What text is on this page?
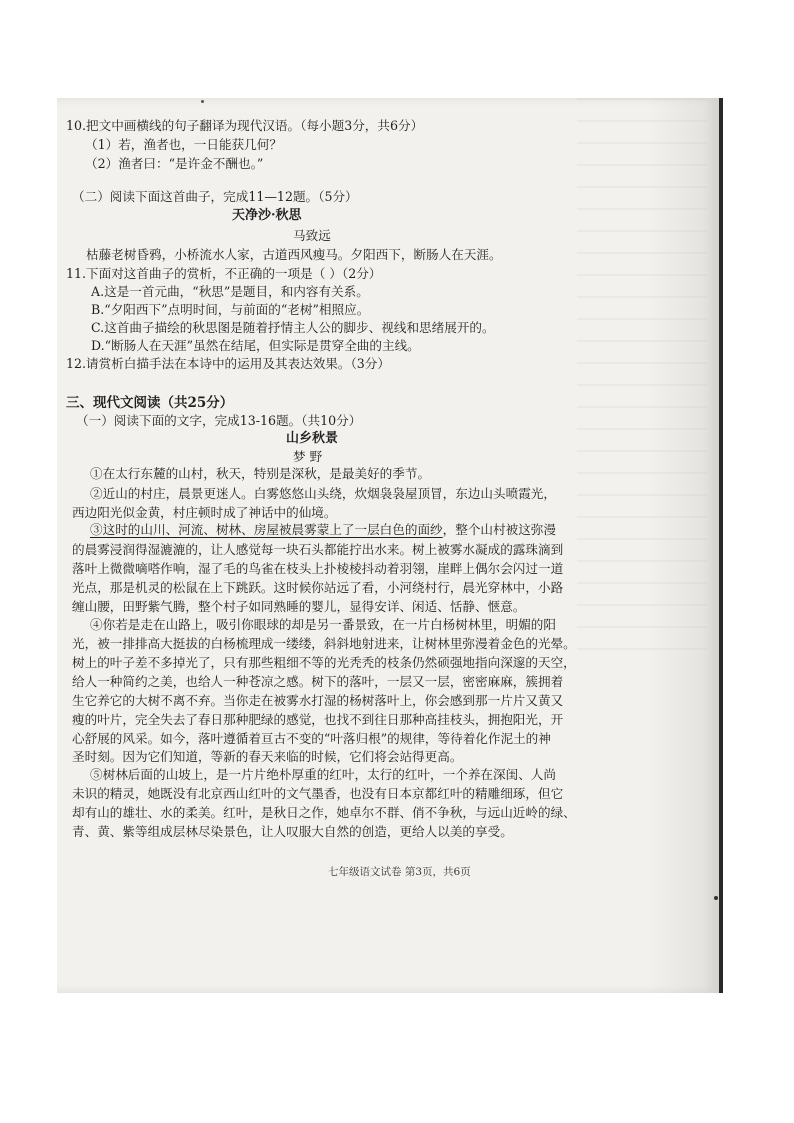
10.把文中画横线的句子翻译为现代汉语。（每小题3分，共6分）
（1）若，渔者也，一日能获几何？
（2）渔者曰：“是许金不酬也。”
（二）阅读下面这首曲子，完成11—12题。（5分）
天净沙·秋思
马致远
枯藤老树昏鸦，小桥流水人家，古道西风瘦马。夕阳西下，断肠人在天涯。
11.下面对这首曲子的赏析，不正确的一项是（ ）（2分）
A.这是一首元曲，“秋思”是题目，和内容有关系。
B.“夕阳西下”点明时间，与前面的“老树”相照应。
C.这首曲子描绘的秋思图是随着抒情主人公的脚步、视线和思绪展开的。
D.“断肠人在天涯”虽然在结尾，但实际是贯穿全曲的主线。
12.请赏析白描手法在本诗中的运用及其表达效果。（3分）
三、现代文阅读（共25分）
（一）阅读下面的文字，完成13-16题。（共10分）
山乡秋景
梦 野
①在太行东麓的山村，秋天，特别是深秋，是最美好的季节。
②近山的村庄，晨景更迷人。白雾悠悠山头绕，炊烟袅袅屋顶冒，东边山头喷霞光，
西边阳光似金黄，村庄顿时成了神话中的仙境。
③这时的山川、河流、树林、房屋被晨雾蒙上了一层白色的面纱，整个山村被这弥漫
的晨雾浸润得湿漉漉的，让人感觉每一块石头都能拧出水来。树上被雾水凝成的露珠滴到
落叶上微微嘀嗒作响，湿了毛的鸟雀在枝头上扑棱棱抖动着羽翎，崖畔上偶尔会闪过一道
光点，那是机灵的松鼠在上下跳跃。这时候你站远了看，小河绕村行，晨光穿林中，小路
缠山腰，田野紫气腾，整个村子如同熟睡的婴儿，显得安详、闲适、恬静、惬意。
④你若是走在山路上，吸引你眼球的却是另一番景致，在一片白杨树林里，明媚的阳
光，被一排排高大挺拔的白杨梳理成一缕缕，斜斜地射进来，让树林里弥漫着金色的光晕。
树上的叶子差不多掉光了，只有那些粗细不等的光秃秃的枝条仍然硕强地指向深邃的天空，
给人一种简约之美，也给人一种苍凉之感。树下的落叶，一层又一层，密密麻麻，簇拥着
生它养它的大树不离不弃。当你走在被雾水打湿的杨树落叶上，你会感到那一片片又黄又
瘦的叶片，完全失去了春日那种肥绿的感觉，也找不到往日那种高挂枝头，拥抱阳光，开
心舒展的风采。如今，落叶遵循着亘古不变的“叶落归根”的规律，等待着化作泥土的神
圣时刻。因为它们知道，等新的春天来临的时候，它们将会站得更高。
⑤树林后面的山坡上，是一片片绝朴厚重的红叶，太行的红叶，一个养在深闺、人尚
未识的精灵，她既没有北京西山红叶的文气墨香，也没有日本京都红叶的精雕细琢，但它
却有山的雄壮、水的柔美。红叶，是秋日之作，她卓尔不群、俏不争秋，与远山近岭的绿、
青、黄、紫等组成层林尽染景色，让人叹服大自然的创造，更给人以美的享受。
七年级语文试卷 第3页，共6页
